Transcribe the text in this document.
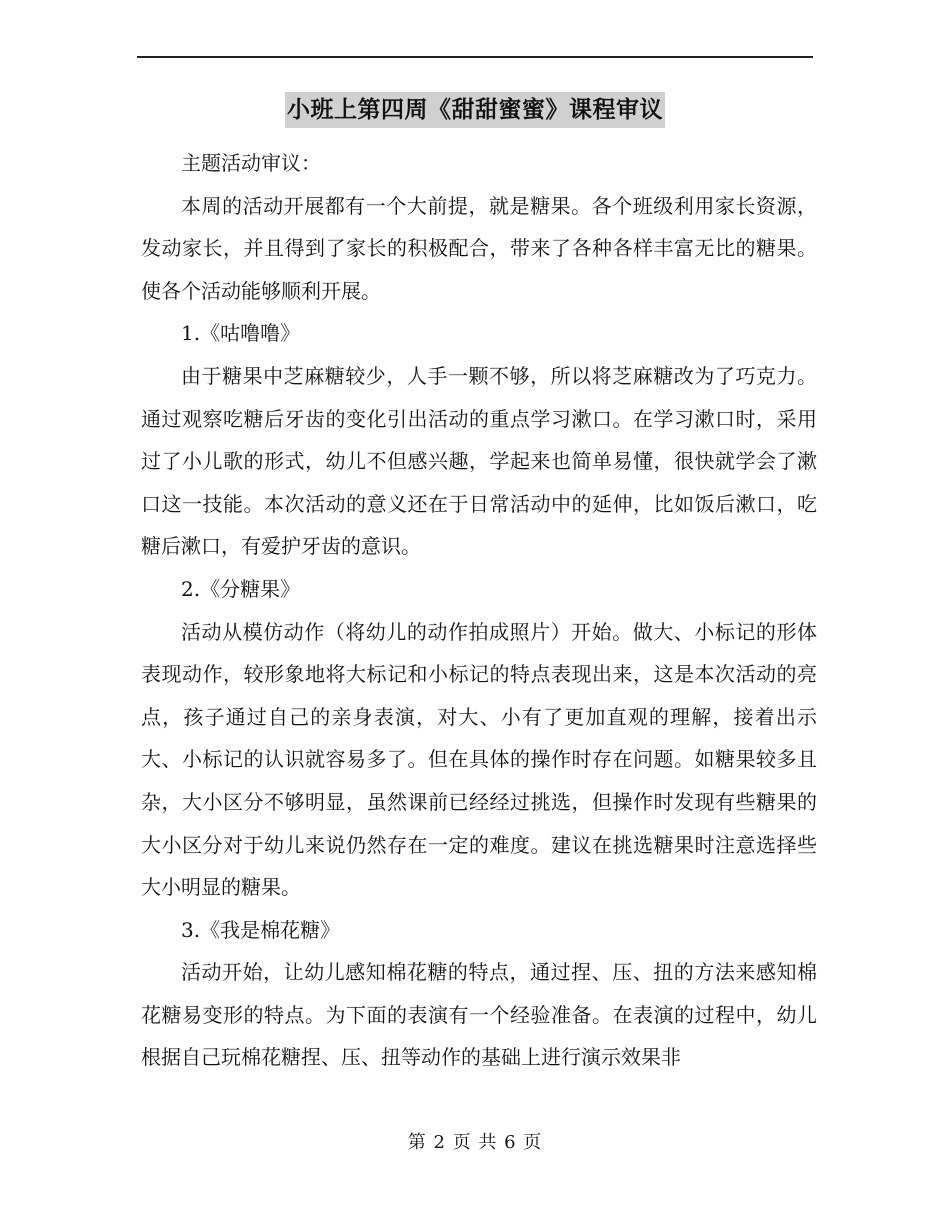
小班上第四周《甜甜蜜蜜》课程审议

主题活动审议：

本周的活动开展都有一个大前提，就是糖果。各个班级利用家长资源，发动家长，并且得到了家长的积极配合，带来了各种各样丰富无比的糖果。使各个活动能够顺利开展。

1.《咕噜噜》

由于糖果中芝麻糖较少，人手一颗不够，所以将芝麻糖改为了巧克力。通过观察吃糖后牙齿的变化引出活动的重点学习漱口。在学习漱口时，采用过了小儿歌的形式，幼儿不但感兴趣，学起来也简单易懂，很快就学会了漱口这一技能。本次活动的意义还在于日常活动中的延伸，比如饭后漱口，吃糖后漱口，有爱护牙齿的意识。

2.《分糖果》

活动从模仿动作（将幼儿的动作拍成照片）开始。做大、小标记的形体表现动作，较形象地将大标记和小标记的特点表现出来，这是本次活动的亮点，孩子通过自己的亲身表演，对大、小有了更加直观的理解，接着出示大、小标记的认识就容易多了。但在具体的操作时存在问题。如糖果较多且杂，大小区分不够明显，虽然课前已经经过挑选，但操作时发现有些糖果的大小区分对于幼儿来说仍然存在一定的难度。建议在挑选糖果时注意选择些大小明显的糖果。

3.《我是棉花糖》

活动开始，让幼儿感知棉花糖的特点，通过捏、压、扭的方法来感知棉花糖易变形的特点。为下面的表演有一个经验准备。在表演的过程中，幼儿根据自己玩棉花糖捏、压、扭等动作的基础上进行演示效果非

第 2 页 共 6 页
